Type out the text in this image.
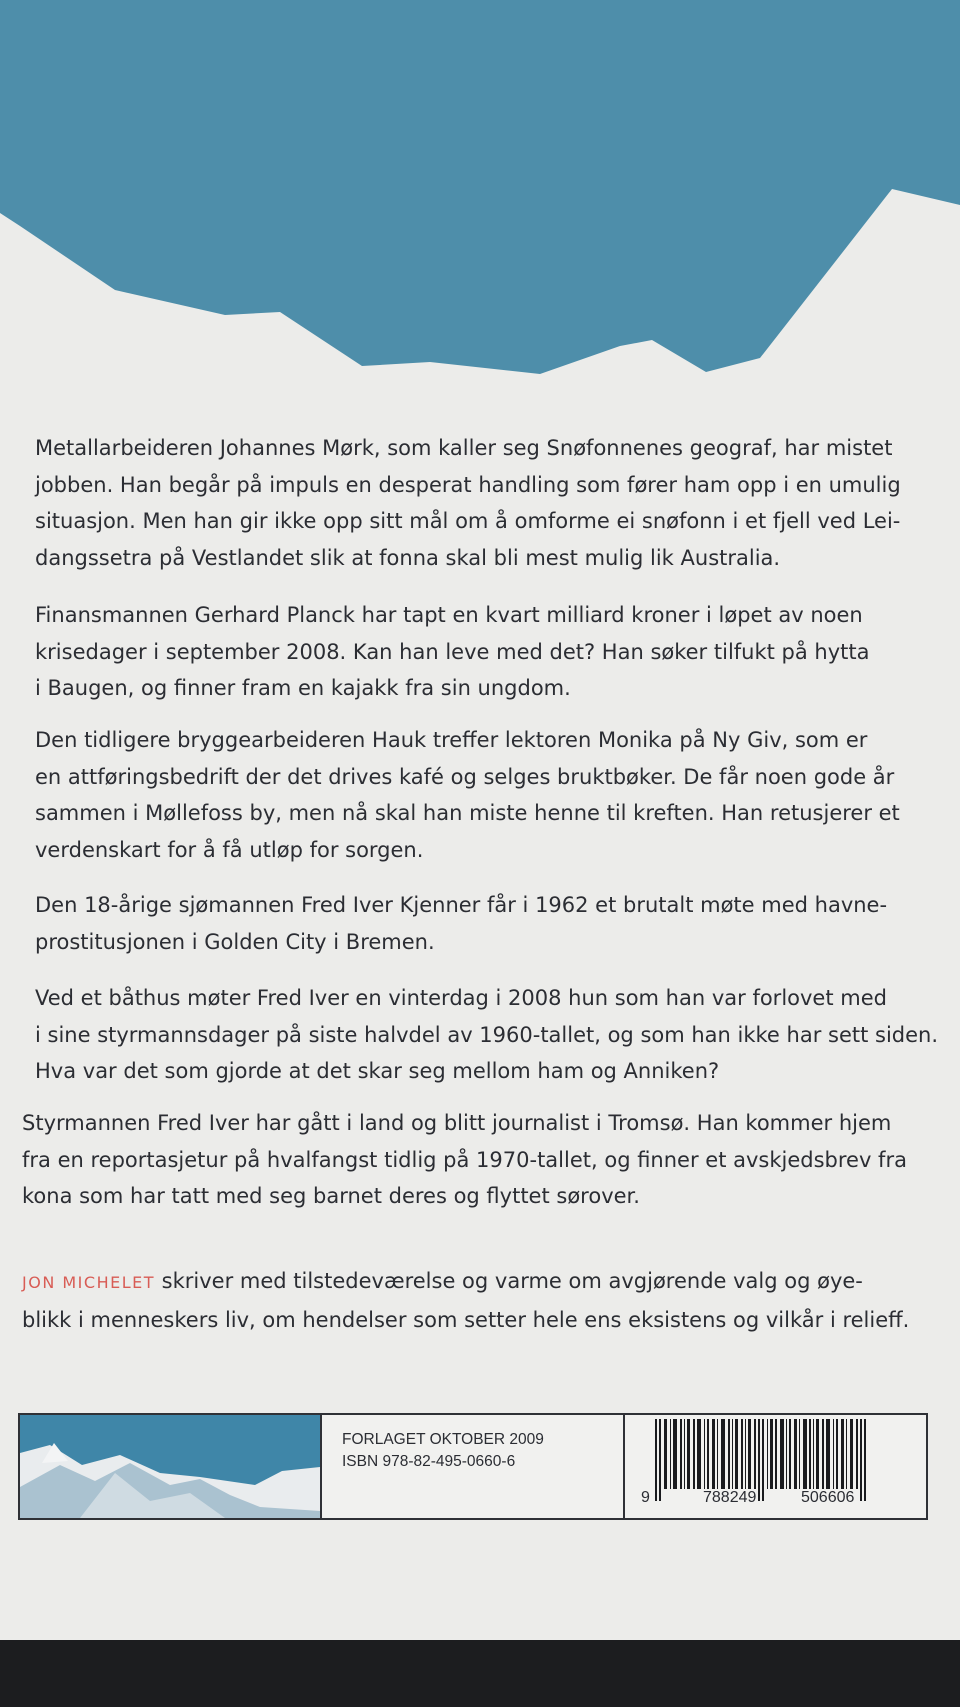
Metallarbeideren Johannes Mørk, som kaller seg Snøfonnenes geograf, har mistet
jobben. Han begår på impuls en desperat handling som fører ham opp i en umulig
situasjon. Men han gir ikke opp sitt mål om å omforme ei snøfonn i et fjell ved Lei-
dangssetra på Vestlandet slik at fonna skal bli mest mulig lik Australia.

Finansmannen Gerhard Planck har tapt en kvart milliard kroner i løpet av noen
krisedager i september 2008. Kan han leve med det? Han søker tilfukt på hytta
i Baugen, og finner fram en kajakk fra sin ungdom.

Den tidligere bryggearbeideren Hauk treffer lektoren Monika på Ny Giv, som er
en attføringsbedrift der det drives kafé og selges bruktbøker. De får noen gode år
sammen i Møllefoss by, men nå skal han miste henne til kreften. Han retusjerer et
verdenskart for å få utløp for sorgen.

Den 18-årige sjømannen Fred Iver Kjenner får i 1962 et brutalt møte med havne-
prostitusjonen i Golden City i Bremen.

Ved et båthus møter Fred Iver en vinterdag i 2008 hun som han var forlovet med
i sine styrmannsdager på siste halvdel av 1960-tallet, og som han ikke har sett siden.
Hva var det som gjorde at det skar seg mellom ham og Anniken?

Styrmannen Fred Iver har gått i land og blitt journalist i Tromsø. Han kommer hjem
fra en reportasjetur på hvalfangst tidlig på 1970-tallet, og finner et avskjedsbrev fra
kona som har tatt med seg barnet deres og flyttet sørover.

JON MICHELET skriver med tilstedeværelse og varme om avgjørende valg og øye-
blikk i menneskers liv, om hendelser som setter hele ens eksistens og vilkår i relieff.

FORLAGET OKTOBER 2009
ISBN 978-82-495-0660-6
9	788249	506606
